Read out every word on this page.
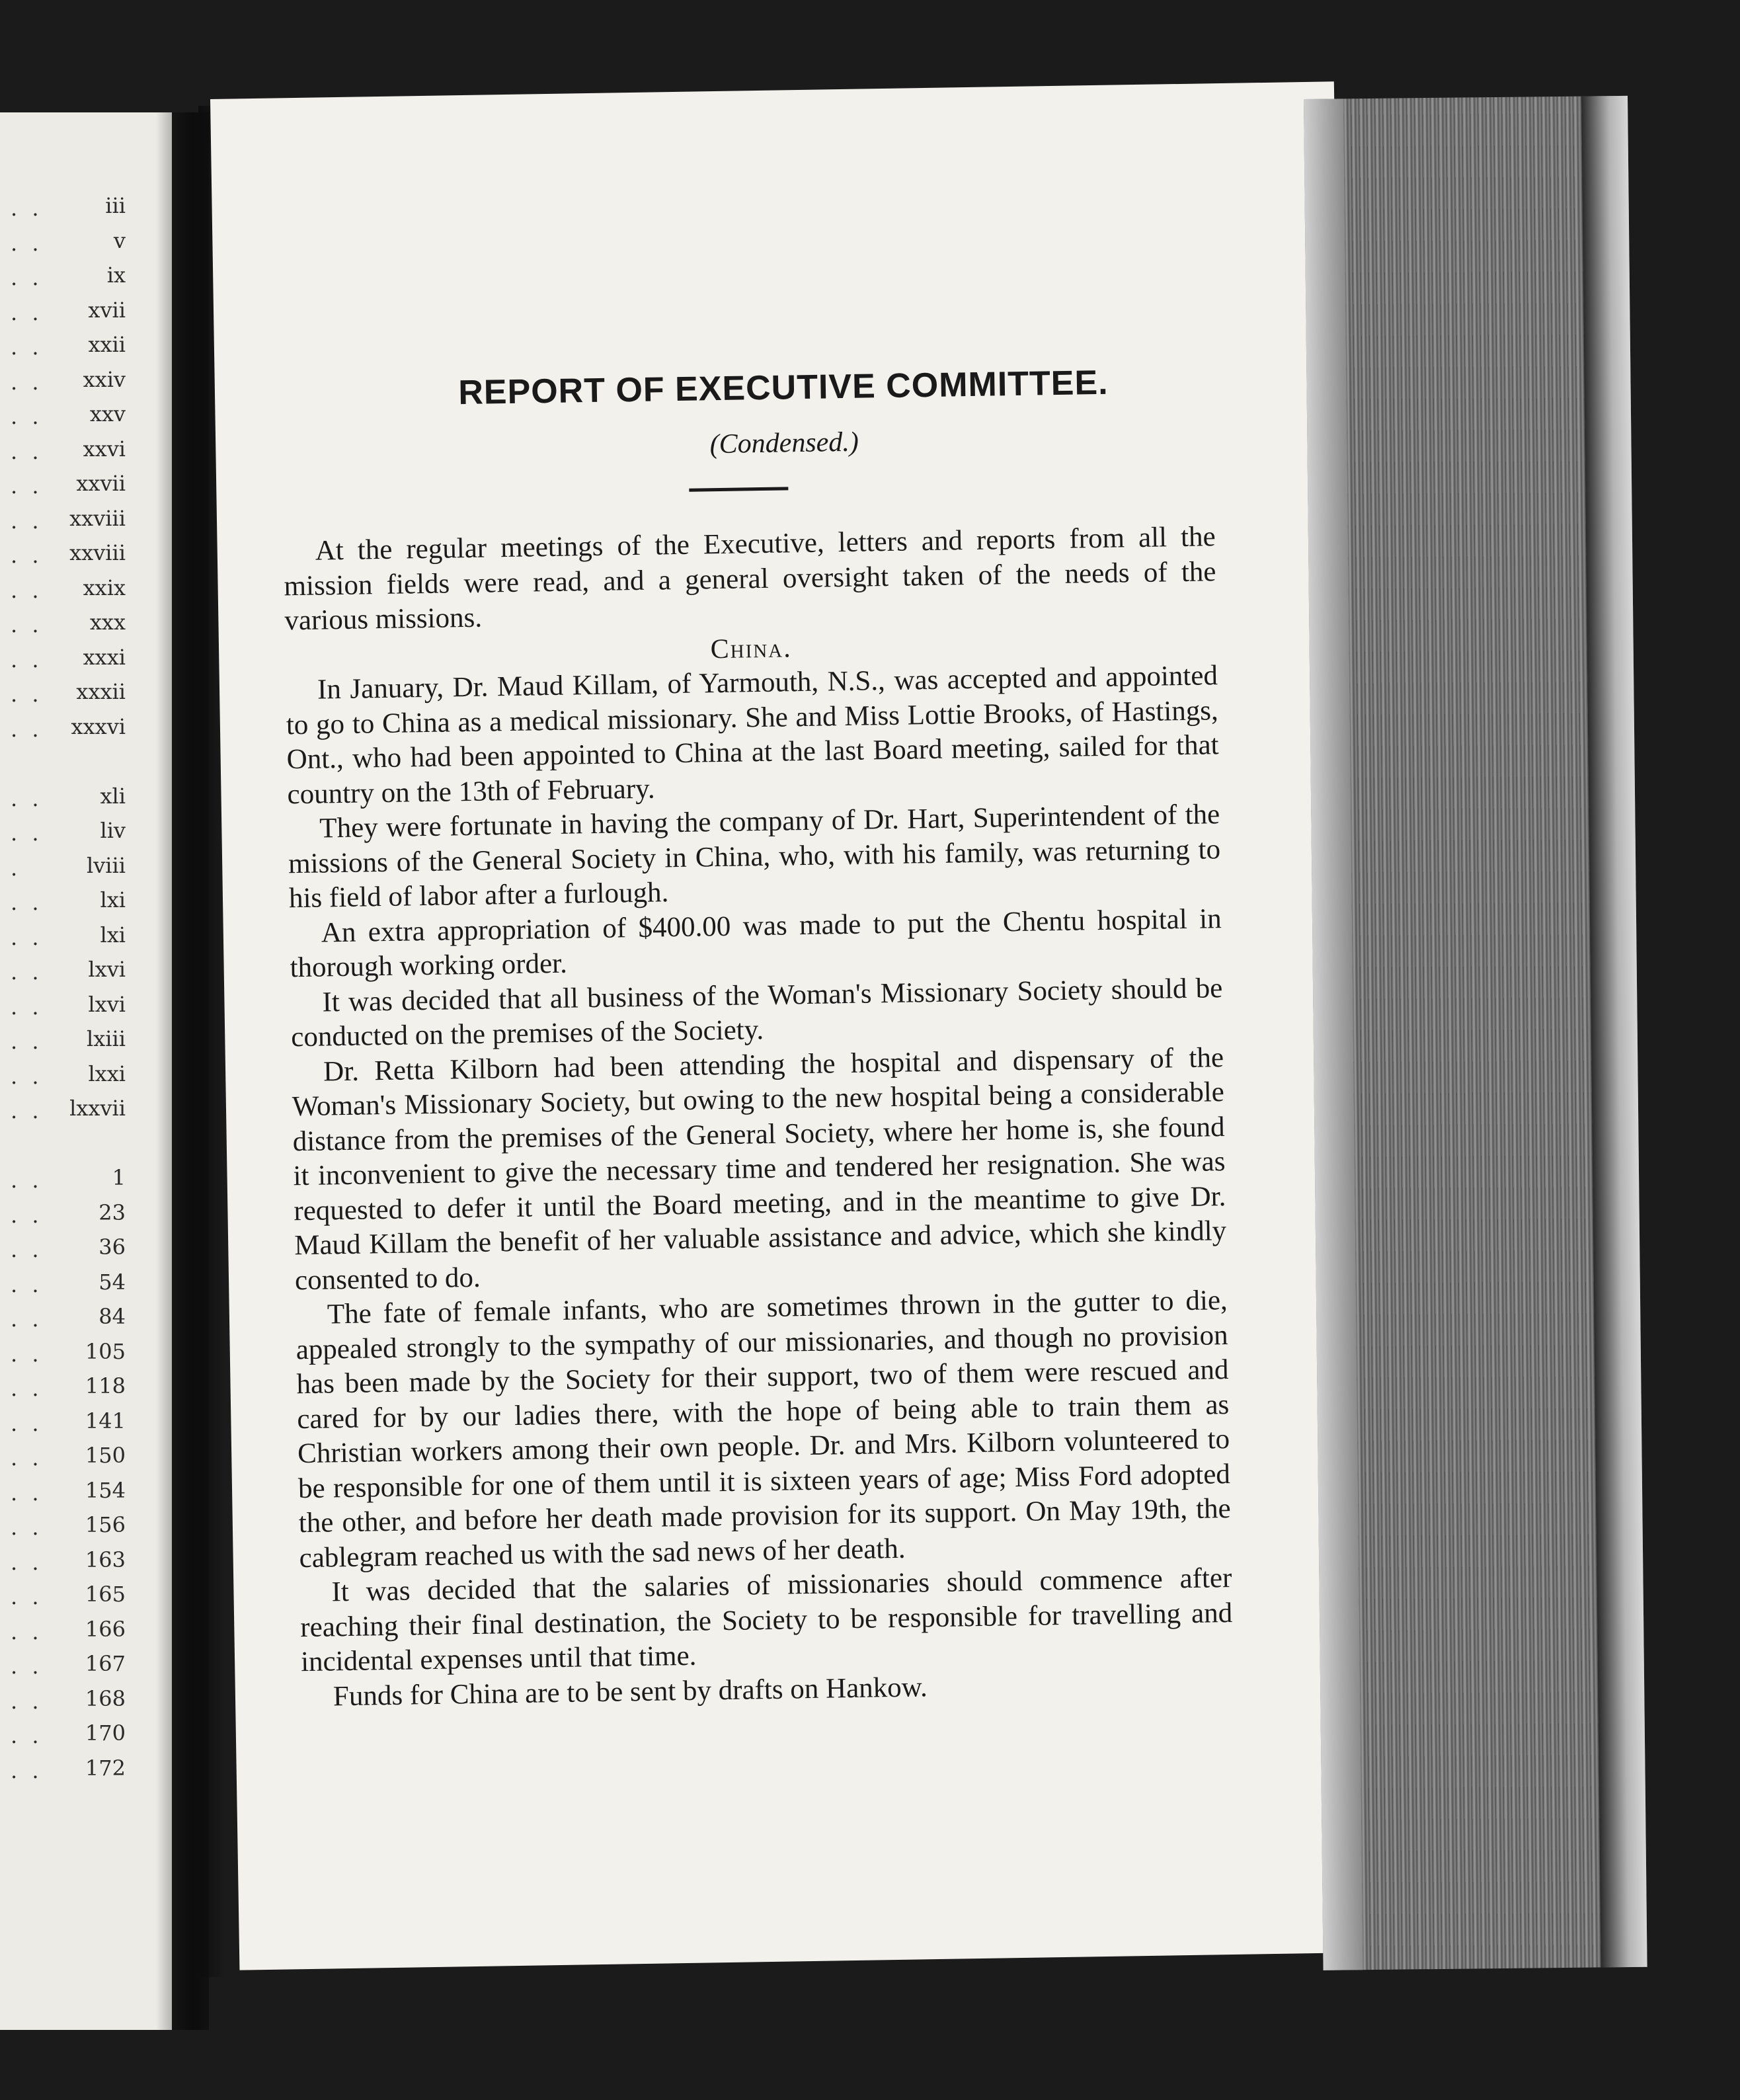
. .	iii
. .	v
. .	ix
. . xvii
. . xxii
. . xxiv
. . xxv
. . xxvi
. . xxvii
. . xxviii
. . xxviii
. . xxix
. . xxx
. . xxxi
. . xxxii
. . xxxvi
. .	xli
. .	liv
.	lviii
. .	lxi
. .	lxi
. . lxvi
. . lxvi
. . lxiii
. . lxxi
. . lxxvii
. .	1
. .	23
. .	36
. .	54
. .	84
. . 105
. . 118
. . 141
. . 150
. . 154
. . 156
. . 163
. . 165
. . 166
. . 167
. . 168
. . 170
. . 172
REPORT OF EXECUTIVE COMMITTEE.
(Condensed.)

At the regular meetings of the Executive, letters and reports from all the mission fields were read, and a general oversight taken of the needs of the various missions.

China.

In January, Dr. Maud Killam, of Yarmouth, N.S., was accepted and appointed to go to China as a medical missionary. She and Miss Lottie Brooks, of Hastings, Ont., who had been appointed to China at the last Board meeting, sailed for that country on the 13th of February.

They were fortunate in having the company of Dr. Hart, Superintendent of the missions of the General Society in China, who, with his family, was returning to his field of labor after a furlough.

An extra appropriation of $400.00 was made to put the Chentu hospital in thorough working order.

It was decided that all business of the Woman's Missionary Society should be conducted on the premises of the Society.

Dr. Retta Kilborn had been attending the hospital and dispensary of the Woman's Missionary Society, but owing to the new hospital being a considerable distance from the premises of the General Society, where her home is, she found it inconvenient to give the necessary time and tendered her resignation. She was requested to defer it until the Board meeting, and in the meantime to give Dr. Maud Killam the benefit of her valuable assistance and advice, which she kindly consented to do.

The fate of female infants, who are sometimes thrown in the gutter to die, appealed strongly to the sympathy of our missionaries, and though no provision has been made by the Society for their support, two of them were rescued and cared for by our ladies there, with the hope of being able to train them as Christian workers among their own people. Dr. and Mrs. Kilborn volunteered to be responsible for one of them until it is sixteen years of age; Miss Ford adopted the other, and before her death made provision for its support. On May 19th, the cablegram reached us with the sad news of her death.

It was decided that the salaries of missionaries should commence after reaching their final destination, the Society to be responsible for travelling and incidental expenses until that time.

Funds for China are to be sent by drafts on Hankow.
